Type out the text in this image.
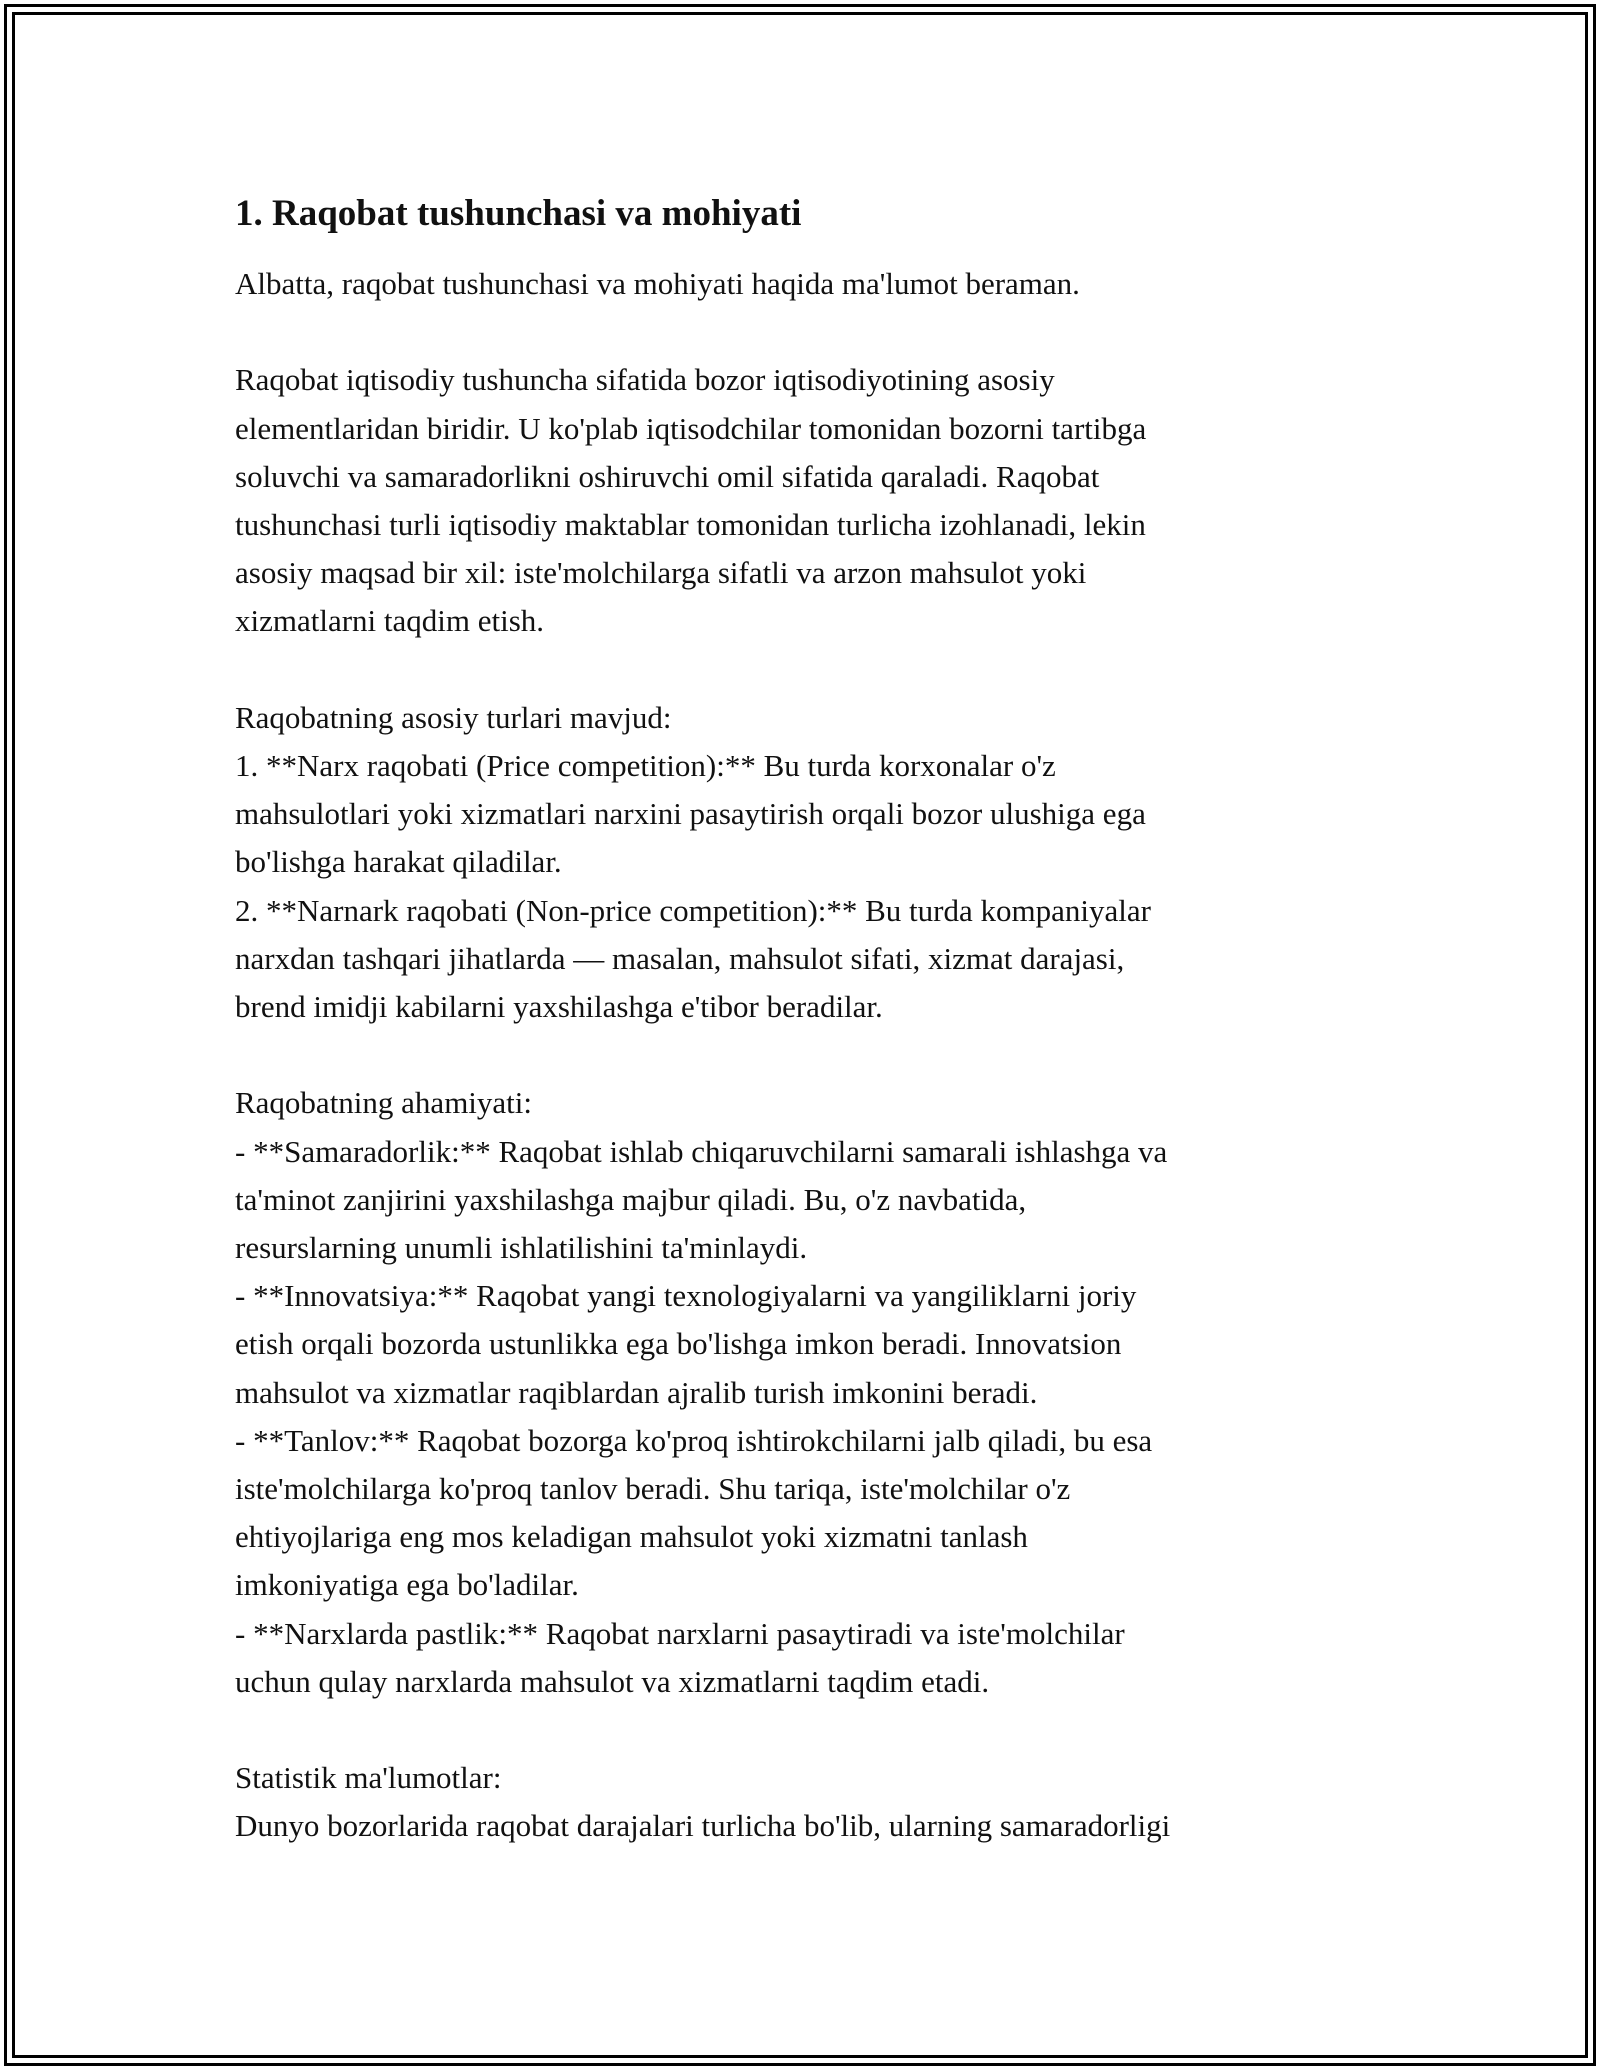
1. Raqobat tushunchasi va mohiyati
Albatta, raqobat tushunchasi va mohiyati haqida ma'lumot beraman.
Raqobat iqtisodiy tushuncha sifatida bozor iqtisodiyotining asosiy
elementlaridan biridir. U ko'plab iqtisodchilar tomonidan bozorni tartibga
soluvchi va samaradorlikni oshiruvchi omil sifatida qaraladi. Raqobat
tushunchasi turli iqtisodiy maktablar tomonidan turlicha izohlanadi, lekin
asosiy maqsad bir xil: iste'molchilarga sifatli va arzon mahsulot yoki
xizmatlarni taqdim etish.
Raqobatning asosiy turlari mavjud:
1. **Narx raqobati (Price competition):** Bu turda korxonalar o'z
mahsulotlari yoki xizmatlari narxini pasaytirish orqali bozor ulushiga ega
bo'lishga harakat qiladilar.
2. **Narnark raqobati (Non-price competition):** Bu turda kompaniyalar
narxdan tashqari jihatlarda — masalan, mahsulot sifati, xizmat darajasi,
brend imidji kabilarni yaxshilashga e'tibor beradilar.
Raqobatning ahamiyati:
- **Samaradorlik:** Raqobat ishlab chiqaruvchilarni samarali ishlashga va
ta'minot zanjirini yaxshilashga majbur qiladi. Bu, o'z navbatida,
resurslarning unumli ishlatilishini ta'minlaydi.
- **Innovatsiya:** Raqobat yangi texnologiyalarni va yangiliklarni joriy
etish orqali bozorda ustunlikka ega bo'lishga imkon beradi. Innovatsion
mahsulot va xizmatlar raqiblardan ajralib turish imkonini beradi.
- **Tanlov:** Raqobat bozorga ko'proq ishtirokchilarni jalb qiladi, bu esa
iste'molchilarga ko'proq tanlov beradi. Shu tariqa, iste'molchilar o'z
ehtiyojlariga eng mos keladigan mahsulot yoki xizmatni tanlash
imkoniyatiga ega bo'ladilar.
- **Narxlarda pastlik:** Raqobat narxlarni pasaytiradi va iste'molchilar
uchun qulay narxlarda mahsulot va xizmatlarni taqdim etadi.
Statistik ma'lumotlar:
Dunyo bozorlarida raqobat darajalari turlicha bo'lib, ularning samaradorligi
